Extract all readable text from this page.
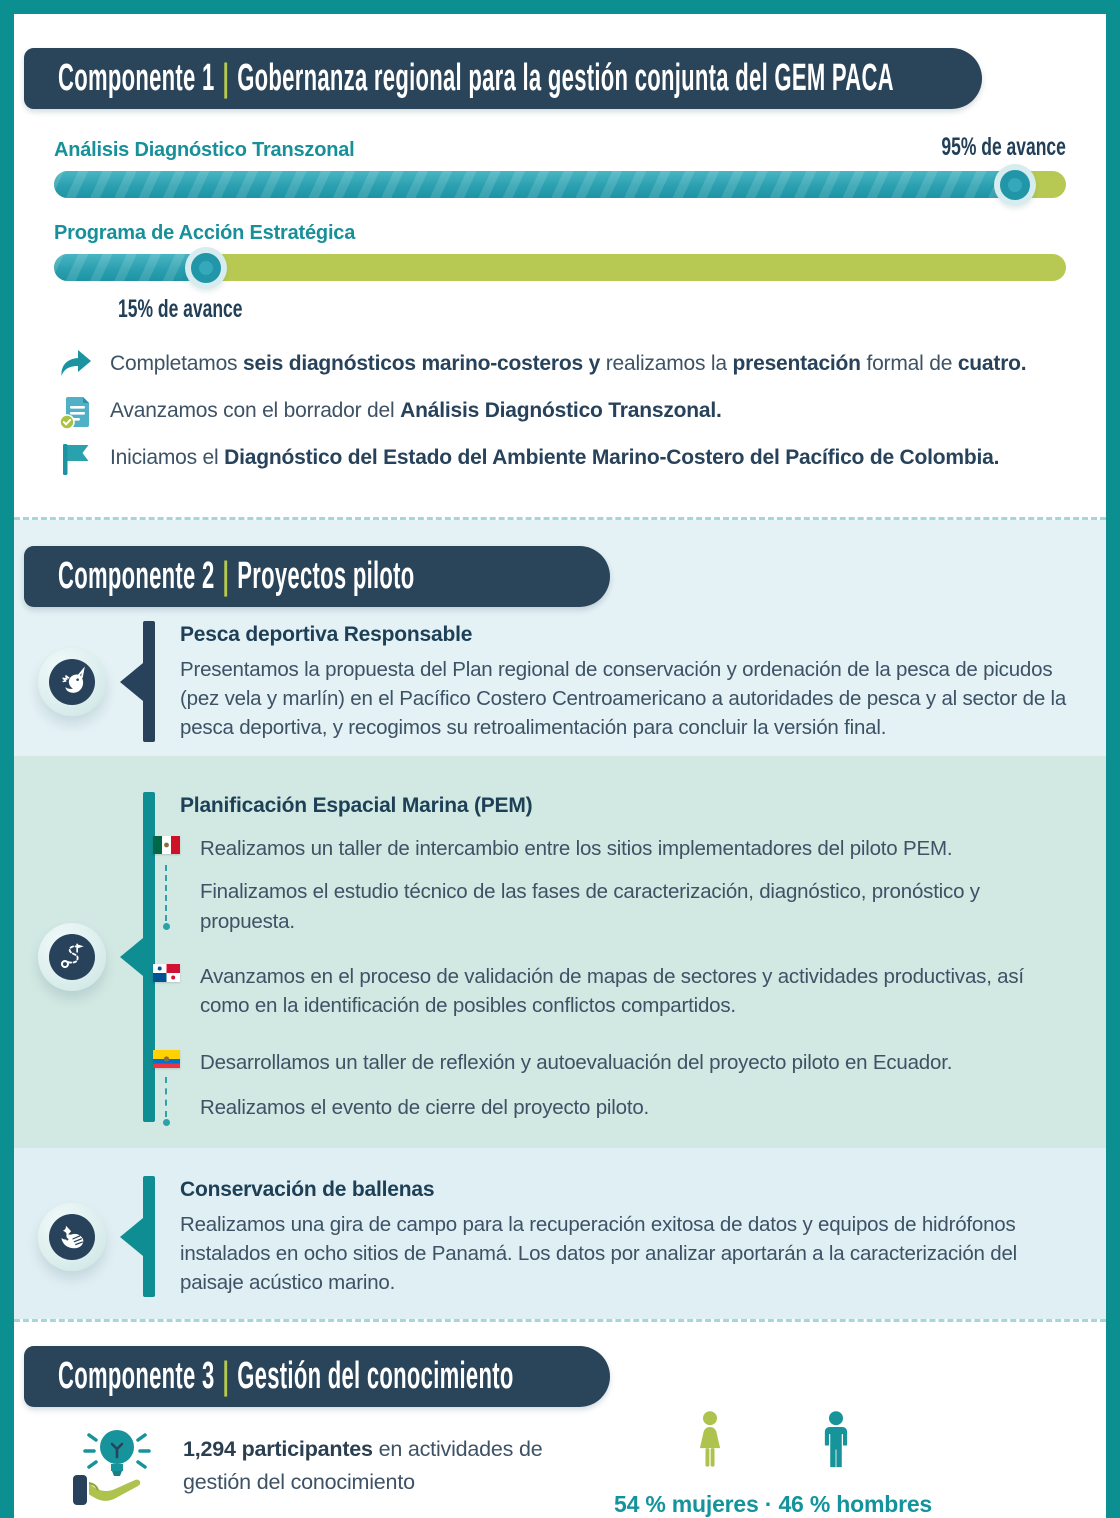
Componente 1 | Gobernanza regional para la gestión conjunta del GEM PACA
Análisis Diagnóstico Transzonal	95% de avance
Programa de Acción Estratégica
15% de avance
Completamos seis diagnósticos marino-costeros y realizamos la presentación formal de cuatro.
Avanzamos con el borrador del Análisis Diagnóstico Transzonal.
Iniciamos el Diagnóstico del Estado del Ambiente Marino-Costero del Pacífico de Colombia.
Componente 2 | Proyectos piloto
Pesca deportiva Responsable
Presentamos la propuesta del Plan regional de conservación y ordenación de la pesca de picudos (pez vela y marlín) en el Pacífico Costero Centroamericano a autoridades de pesca y al sector de la pesca deportiva, y recogimos su retroalimentación para concluir la versión final.
Planificación Espacial Marina (PEM)
Realizamos un taller de intercambio entre los sitios implementadores del piloto PEM.
Finalizamos el estudio técnico de las fases de caracterización, diagnóstico, pronóstico y propuesta.
Avanzamos en el proceso de validación de mapas de sectores y actividades productivas, así como en la identificación de posibles conflictos compartidos.
Desarrollamos un taller de reflexión y autoevaluación del proyecto piloto en Ecuador.
Realizamos el evento de cierre del proyecto piloto.
Conservación de ballenas
Realizamos una gira de campo para la recuperación exitosa de datos y equipos de hidrófonos instalados en ocho sitios de Panamá. Los datos por analizar aportarán a la caracterización del paisaje acústico marino.
Componente 3 | Gestión del conocimiento
1,294 participantes en actividades de gestión del conocimiento
54 % mujeres · 46 % hombres
